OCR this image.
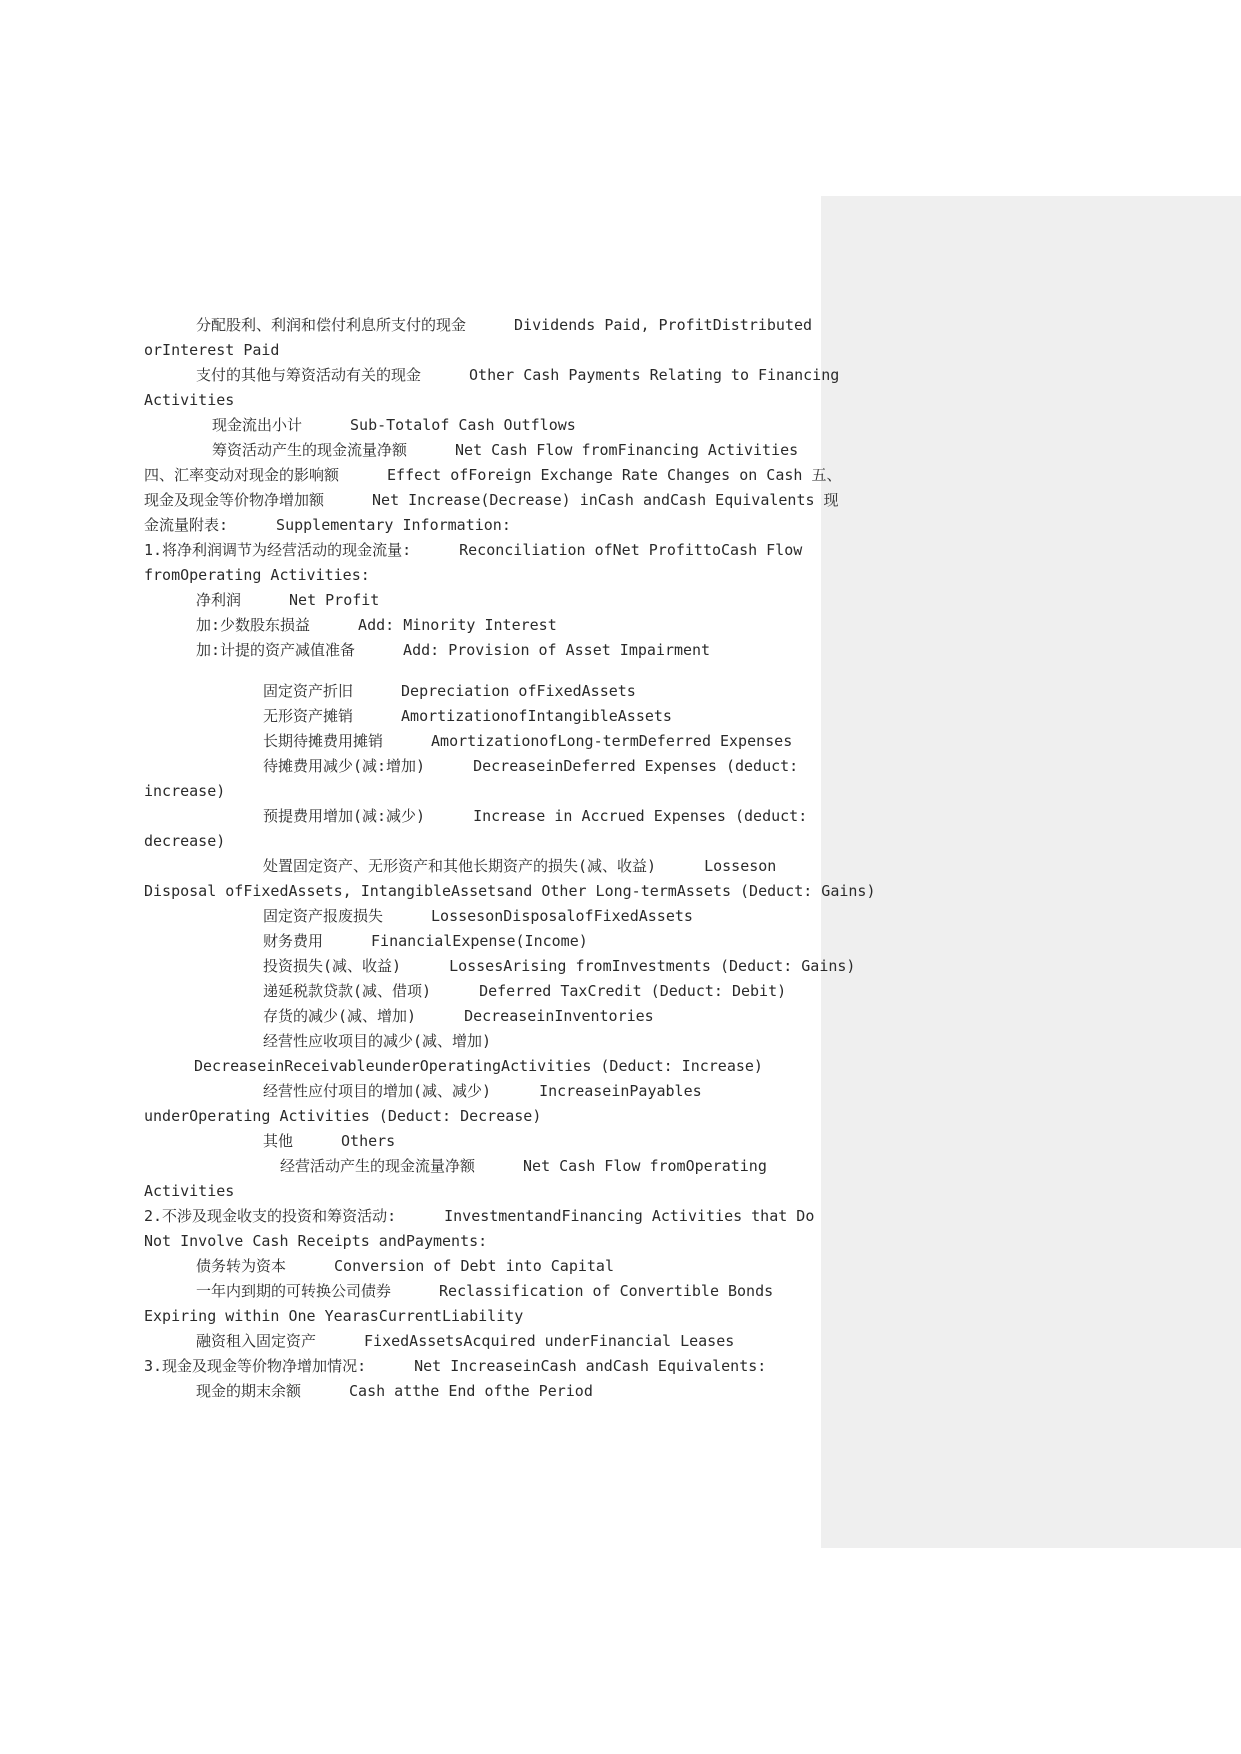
分配股利、利润和偿付利息所支付的现金	Dividends Paid, ProfitDistributed
orInterest Paid
支付的其他与筹资活动有关的现金	Other Cash Payments Relating to Financing
Activities
现金流出小计	Sub-Totalof Cash Outflows
筹资活动产生的现金流量净额	Net Cash Flow fromFinancing Activities
四、汇率变动对现金的影响额	Effect ofForeign Exchange Rate Changes on Cash 五、
现金及现金等价物净增加额	Net Increase(Decrease) inCash andCash Equivalents 现
金流量附表:	Supplementary Information:
1.将净利润调节为经营活动的现金流量:	Reconciliation ofNet ProfittoCash Flow
fromOperating Activities:
净利润	Net Profit
加:少数股东损益	Add: Minority Interest
加:计提的资产减值准备	Add: Provision of Asset Impairment
固定资产折旧	Depreciation ofFixedAssets
无形资产摊销	AmortizationofIntangibleAssets
长期待摊费用摊销	AmortizationofLong-termDeferred Expenses
待摊费用减少(减:增加)	DecreaseinDeferred Expenses (deduct:
increase)
预提费用增加(减:减少)	Increase in Accrued Expenses (deduct:
decrease)
处置固定资产、无形资产和其他长期资产的损失(减、收益)	Losseson
Disposal ofFixedAssets, IntangibleAssetsand Other Long-termAssets (Deduct: Gains)
固定资产报废损失	LossesonDisposalofFixedAssets
财务费用	FinancialExpense(Income)
投资损失(减、收益)	LossesArising fromInvestments (Deduct: Gains)
递延税款贷款(减、借项)	Deferred TaxCredit (Deduct: Debit)
存货的减少(减、增加)	DecreaseinInventories
经营性应收项目的减少(减、增加)
DecreaseinReceivableunderOperatingActivities (Deduct: Increase)
经营性应付项目的增加(减、减少)	IncreaseinPayables
underOperating Activities (Deduct: Decrease)
其他	Others
经营活动产生的现金流量净额	Net Cash Flow fromOperating
Activities
2.不涉及现金收支的投资和筹资活动:	InvestmentandFinancing Activities that Do
Not Involve Cash Receipts andPayments:
债务转为资本	Conversion of Debt into Capital
一年内到期的可转换公司债券	Reclassification of Convertible Bonds
Expiring within One YearasCurrentLiability
融资租入固定资产	FixedAssetsAcquired underFinancial Leases
3.现金及现金等价物净增加情况:	Net IncreaseinCash andCash Equivalents:
现金的期末余额	Cash atthe End ofthe Period
